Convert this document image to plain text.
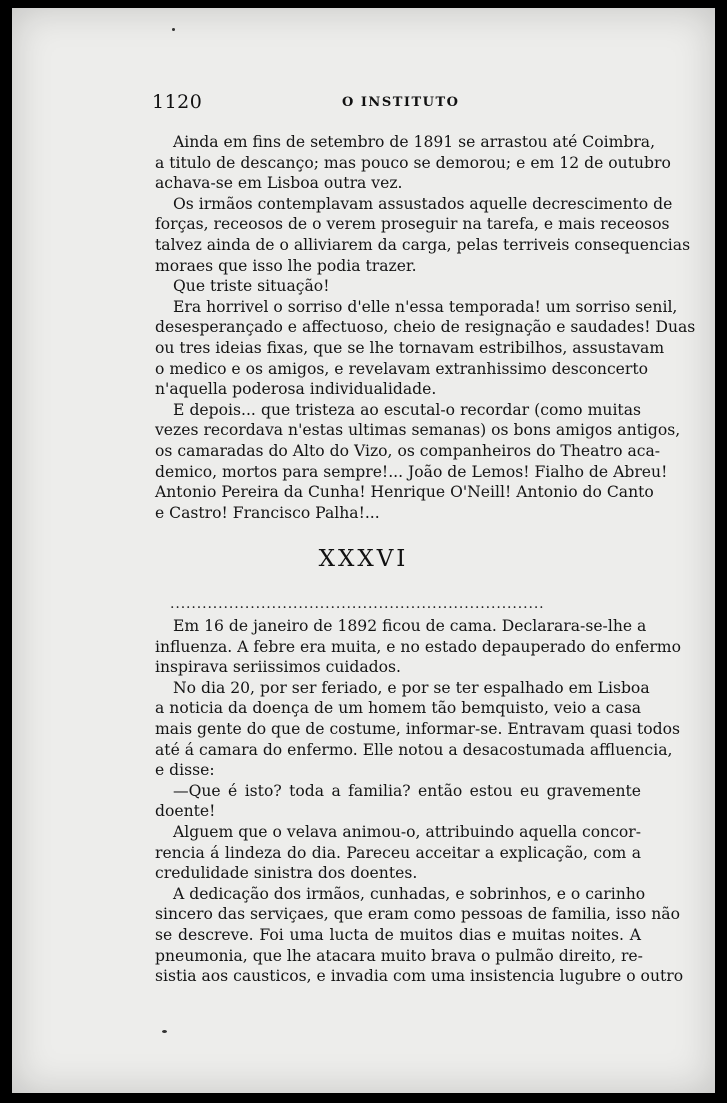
1120	O INSTITUTO
Ainda em fins de setembro de 1891 se arrastou até Coimbra,
a titulo de descanço; mas pouco se demorou; e em 12 de outubro
achava-se em Lisboa outra vez.
Os irmãos contemplavam assustados aquelle decrescimento de
forças, receosos de o verem proseguir na tarefa, e mais receosos
talvez ainda de o alliviarem da carga, pelas terriveis consequencias
moraes que isso lhe podia trazer.
Que triste situação!
Era horrivel o sorriso d'elle n'essa temporada! um sorriso senil,
desesperançado e affectuoso, cheio de resignação e saudades! Duas
ou tres ideias fixas, que se lhe tornavam estribilhos, assustavam
o medico e os amigos, e revelavam extranhissimo desconcerto
n'aquella poderosa individualidade.
E depois... que tristeza ao escutal-o recordar (como muitas
vezes recordava n'estas ultimas semanas) os bons amigos antigos,
os camaradas do Alto do Vizo, os companheiros do Theatro aca-
demico, mortos para sempre!... João de Lemos! Fialho de Abreu!
Antonio Pereira da Cunha! Henrique O'Neill! Antonio do Canto
e Castro! Francisco Palha!...
XXXVI
......................................................................
Em 16 de janeiro de 1892 ficou de cama. Declarara-se-lhe a
influenza. A febre era muita, e no estado depauperado do enfermo
inspirava seriissimos cuidados.
No dia 20, por ser feriado, e por se ter espalhado em Lisboa
a noticia da doença de um homem tão bemquisto, veio a casa
mais gente do que de costume, informar-se. Entravam quasi todos
até á camara do enfermo. Elle notou a desacostumada affluencia,
e disse:
—Que é isto? toda a familia? então estou eu gravemente
doente!
Alguem que o velava animou-o, attribuindo aquella concor-
rencia á lindeza do dia. Pareceu acceitar a explicação, com a
credulidade sinistra dos doentes.
A dedicação dos irmãos, cunhadas, e sobrinhos, e o carinho
sincero das serviçaes, que eram como pessoas de familia, isso não
se descreve. Foi uma lucta de muitos dias e muitas noites. A
pneumonia, que lhe atacara muito brava o pulmão direito, re-
sistia aos causticos, e invadia com uma insistencia lugubre o outro
